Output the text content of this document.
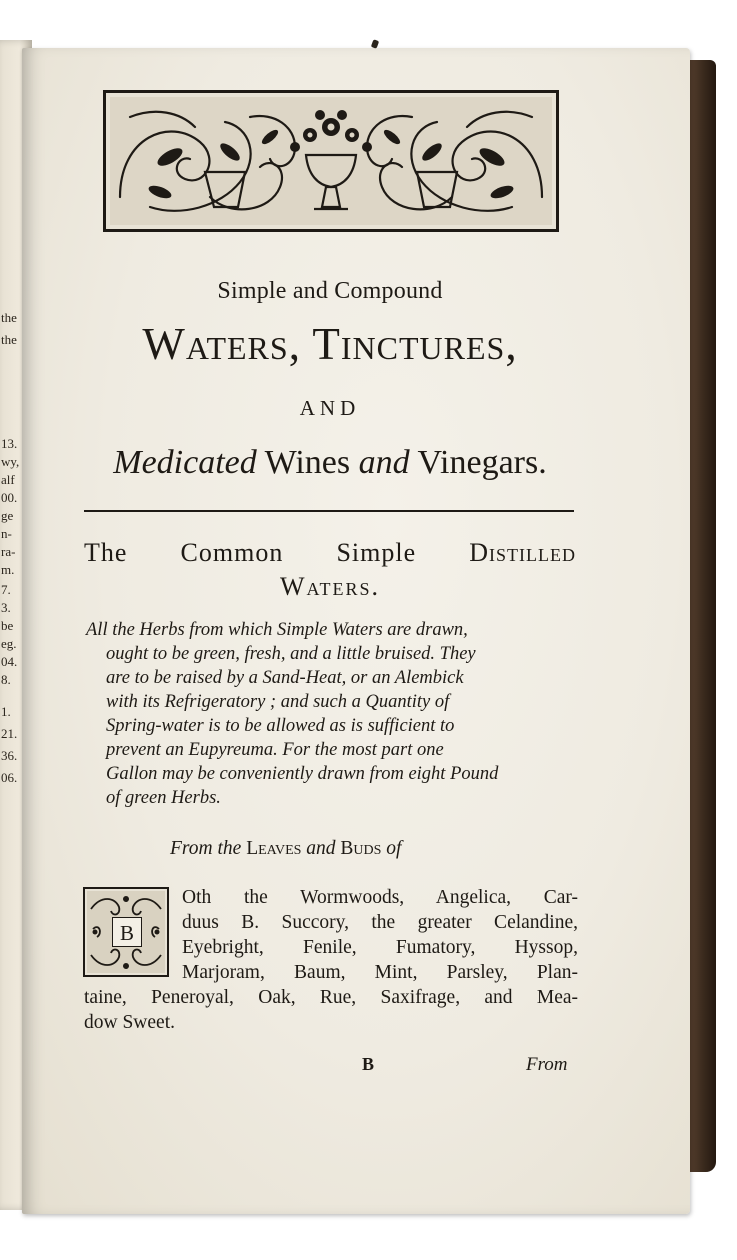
the
the
13.
wy,
alf
00.
ge
n-
ra-
m.
7.
3.
be
eg.
04.
8.
1.
21.
36.
06.
Simple and Compound
Waters, Tinctures,
AND
Medicated Wines and Vinegars.
The Common Simple Distilled
Waters.
All the Herbs from which Simple Waters are drawn,
ought to be green, fresh, and a little bruised. They
are to be raised by a Sand-Heat, or an Alembick
with its Refrigeratory ; and such a Quantity of
Spring-water is to be allowed as is sufficient to
prevent an Eupyreuma. For the most part one
Gallon may be conveniently drawn from eight Pound
of green Herbs.
From the Leaves and Buds of
B
Oth the Wormwoods, Angelica, Car-
duus B. Succory, the greater Celandine,
Eyebright, Fenile, Fumatory, Hyssop,
Marjoram, Baum, Mint, Parsley, Plan-
taine, Peneroyal, Oak, Rue, Saxifrage, and Mea-
dow Sweet.
B	From
